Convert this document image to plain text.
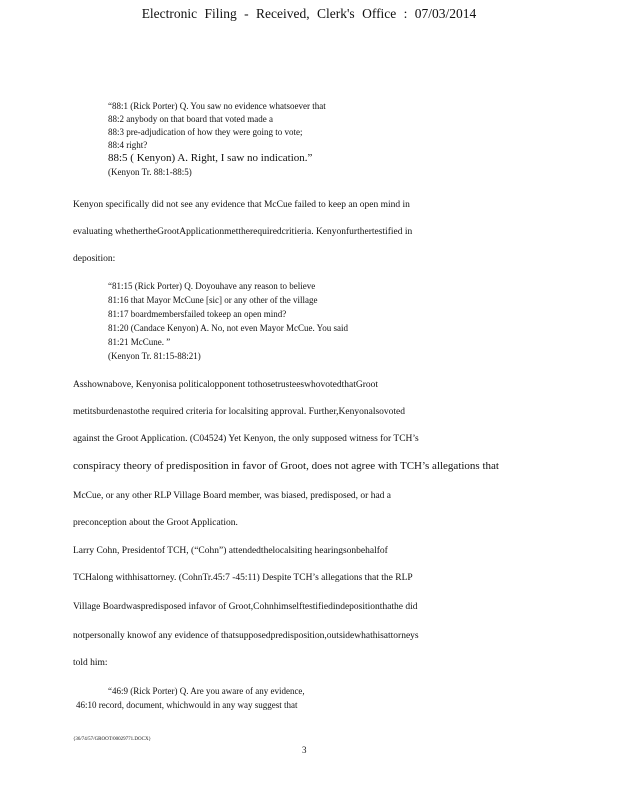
Electronic Filing - Received, Clerk's Office : 07/03/2014
“88:1 (Rick Porter) Q. You saw no evidence whatsoever that
88:2 anybody on that board that voted made a
88:3 pre-adjudication of how they were going to vote;
88:4 right?
88:5 ( Kenyon) A. Right, I saw no indication.”
(Kenyon Tr. 88:1-88:5)
Kenyon specifically did not see any evidence that McCue failed to keep an open mind in
evaluating whethertheGrootApplicationmettherequiredcritieria. Kenyonfurthertestified in
deposition:
“81:15 (Rick Porter) Q. Doyouhave any reason to believe
81:16 that Mayor McCune [sic] or any other of the village
81:17 boardmembersfailed tokeep an open mind?
81:20 (Candace Kenyon) A. No, not even Mayor McCue. You said
81:21 McCune. ”
(Kenyon Tr. 81:15-88:21)
Asshownabove, Kenyonisa politicalopponent tothosetrusteeswhovotedthatGroot
metitsburdenastothe required criteria for localsiting approval. Further,Kenyonalsovoted
against the Groot Application. (C04524) Yet Kenyon, the only supposed witness for TCH’s
conspiracy theory of predisposition in favor of Groot, does not agree with TCH’s allegations that
McCue, or any other RLP Village Board member, was biased, predisposed, or had a
preconception about the Groot Application.
Larry Cohn, Presidentof TCH, (“Cohn”) attendedthelocalsiting hearingsonbehalfof
TCHalong withhisattorney. (CohnTr.45:7 -45:11) Despite TCH’s allegations that the RLP
Village Boardwaspredisposed infavor of Groot,Cohnhimselftestifiedindepositionthathe did
notpersonally knowof any evidence of thatsupposedpredisposition,outsidewhathisattorneys
told him:
“46:9 (Rick Porter) Q. Are you aware of any evidence,
46:10 record, document, whichwould in any way suggest that
{36/74/57/GROOT/00029771.DOCX}
3
